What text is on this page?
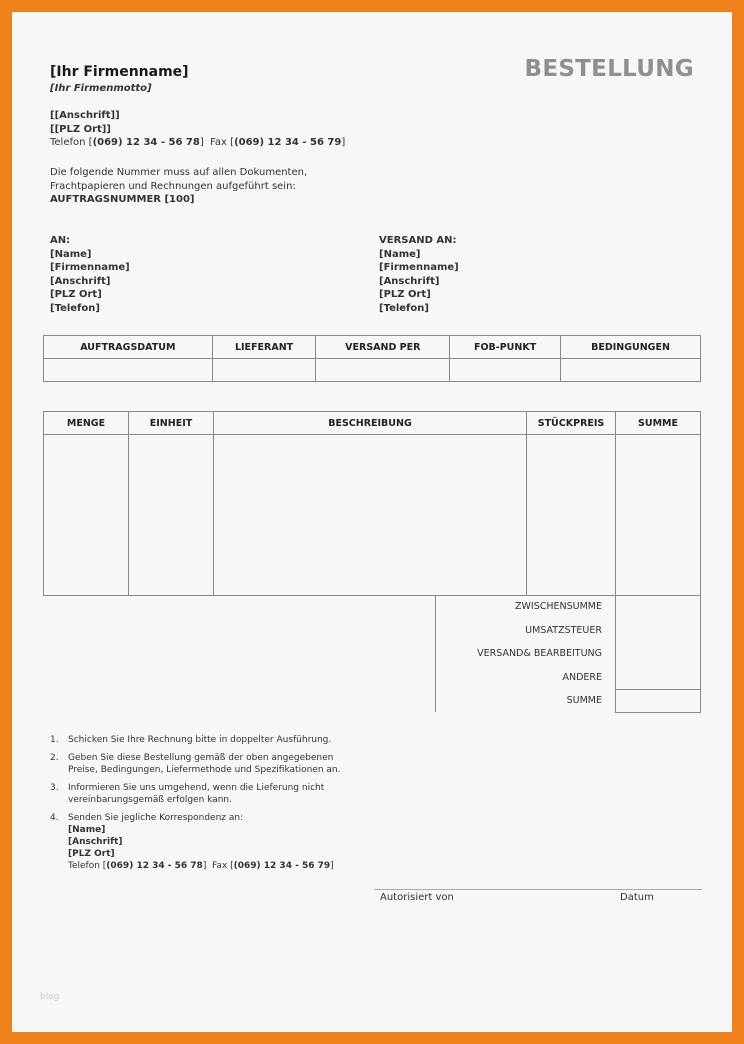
[Ihr Firmenname]
[Ihr Firmenmotto]
BESTELLUNG
[[Anschrift]]
[[PLZ Ort]]
Telefon [(069) 12 34 - 56 78]  Fax [(069) 12 34 - 56 79]
Die folgende Nummer muss auf allen Dokumenten,
Frachtpapieren und Rechnungen aufgeführt sein:
AUFTRAGSNUMMER [100]
AN:
[Name]
[Firmenname]
[Anschrift]
[PLZ Ort]
[Telefon]
VERSAND AN:
[Name]
[Firmenname]
[Anschrift]
[PLZ Ort]
[Telefon]
AUFTRAGSDATUM	LIEFERANT	VERSAND PER	FOB-PUNKT	BEDINGUNGEN

MENGE	EINHEIT	BESCHREIBUNG	STÜCKPREIS	SUMME

ZWISCHENSUMME
UMSATZSTEUER
VERSAND& BEARBEITUNG
ANDERE
SUMME
1.	Schicken Sie Ihre Rechnung bitte in doppelter Ausführung.
2.	Geben Sie diese Bestellung gemäß der oben angegebenen
Preise, Bedingungen, Liefermethode und Spezifikationen an.
3.	Informieren Sie uns umgehend, wenn die Lieferung nicht
vereinbarungsgemäß erfolgen kann.
4.	Senden Sie jegliche Korrespondenz an:
[Name]
[Anschrift]
[PLZ Ort]
Telefon [(069) 12 34 - 56 78]  Fax [(069) 12 34 - 56 79]
Autorisiert von	Datum
blog
